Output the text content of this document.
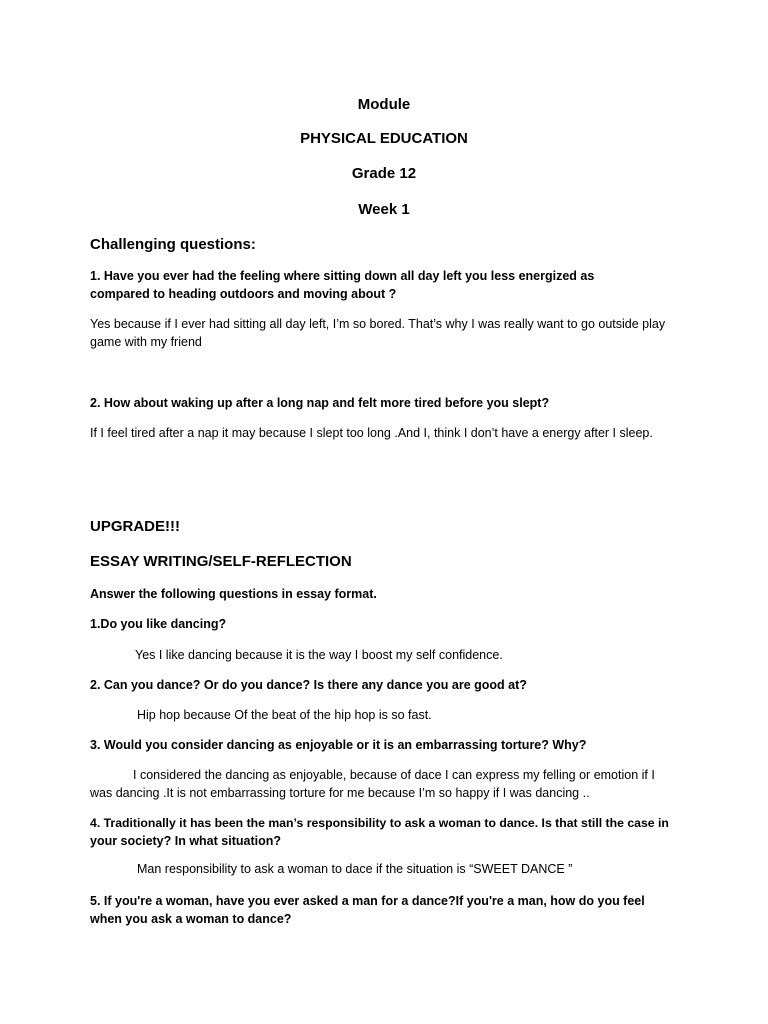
Module

PHYSICAL EDUCATION

Grade 12

Week 1

Challenging questions:

1. Have you ever had the feeling where sitting down all day left you less energized as

compared to heading outdoors and moving about ?

Yes because if I ever had sitting all day left, I’m so bored. That’s why I was really want to go outside play

game with my friend

2. How about waking up after a long nap and felt more tired before you slept?

If I feel tired after a nap it may because I slept too long .And I, think I don’t have a energy after I sleep.

UPGRADE!!!

ESSAY WRITING/SELF-REFLECTION

Answer the following questions in essay format.

1.Do you like dancing?

Yes I like dancing because it is the way I boost my self confidence.

2. Can you dance? Or do you dance? Is there any dance you are good at?

Hip hop because Of the beat of the hip hop is so fast.

3. Would you consider dancing as enjoyable or it is an embarrassing torture? Why?

I considered the dancing as enjoyable, because of dace I can express my felling or emotion if I

was dancing .It is not embarrassing torture for me because I’m so happy if I was dancing ..

4. Traditionally it has been the man’s responsibility to ask a woman to dance. Is that still the case in

your society? In what situation?

Man responsibility to ask a woman to dace if the situation is “SWEET DANCE ”

5. If you're a woman, have you ever asked a man for a dance?If you're a man, how do you feel

when you ask a woman to dance?
